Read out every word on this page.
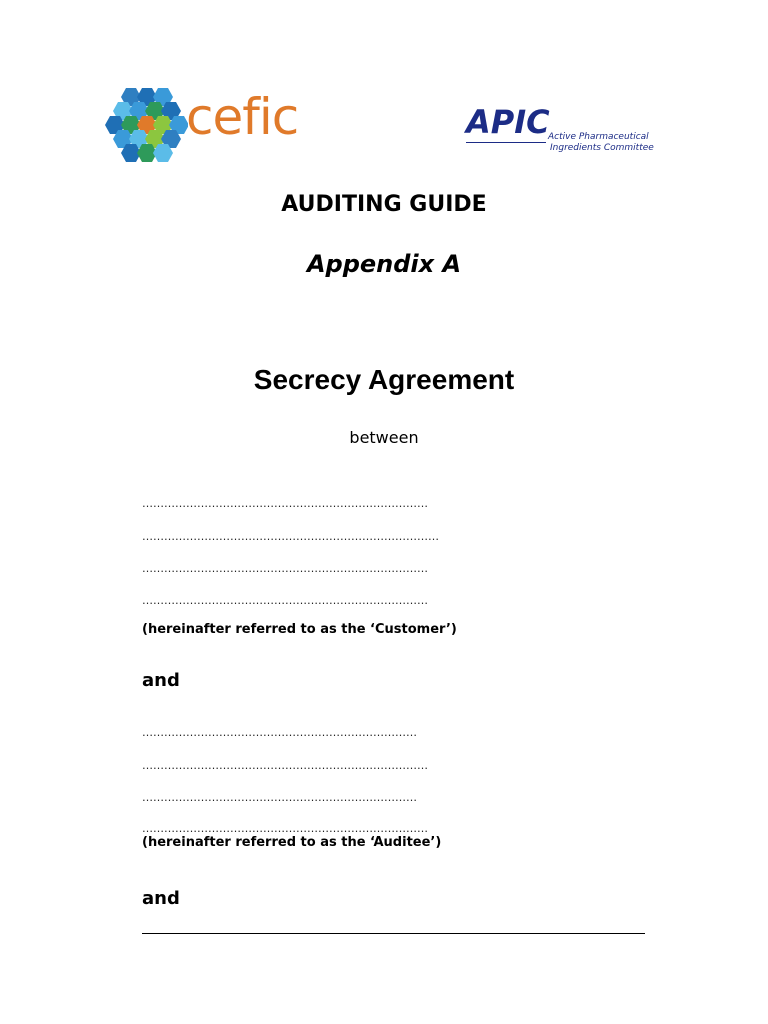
cefic	APIC
Active Pharmaceutical
Ingredients Committee
AUDITING GUIDE
Appendix A
Secrecy Agreement
between
……………………………………………………………………
………………………………………………………………………
……………………………………………………………………
……………………………………………………………………
(hereinafter referred to as the ‘Customer’)
and
…………………………………………………………………
……………………………………………………………………
…………………………………………………………………
……………………………………………………………………
(hereinafter referred to as the ‘Auditee’)
and
